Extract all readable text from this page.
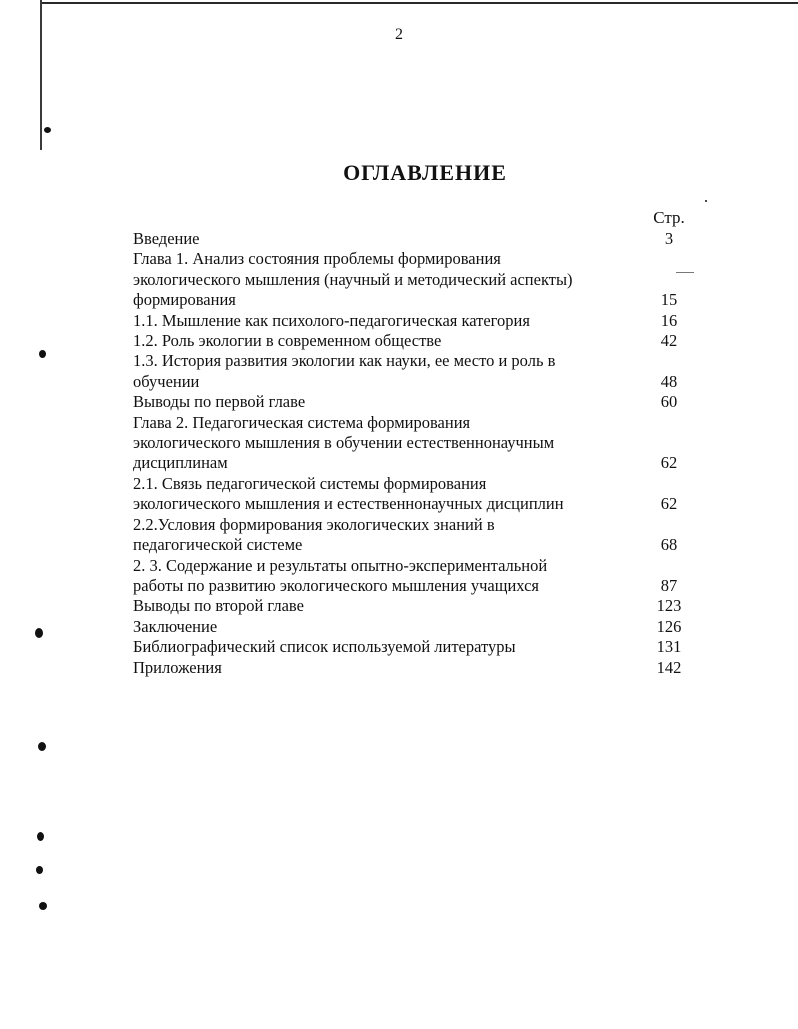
2
ОГЛАВЛЕНИЕ
Стр.
Введение	3
Глава 1. Анализ состояния проблемы формирования
экологического мышления (научный и методический аспекты)
формирования	15
1.1. Мышление как психолого-педагогическая категория	16
1.2. Роль экологии в современном обществе	42
1.3. История развития экологии как науки, ее место и роль в
обучении	48
Выводы по первой главе	60
Глава 2. Педагогическая система формирования
экологического мышления в обучении естественнонаучным
дисциплинам	62
2.1. Связь педагогической системы формирования
экологического мышления и естественнонаучных дисциплин	62
2.2.Условия формирования экологических знаний в
педагогической системе	68
2. 3. Содержание и результаты опытно-экспериментальной
работы по развитию экологического мышления учащихся	87
Выводы по второй главе	123
Заключение	126
Библиографический список используемой литературы	131
Приложения	142
